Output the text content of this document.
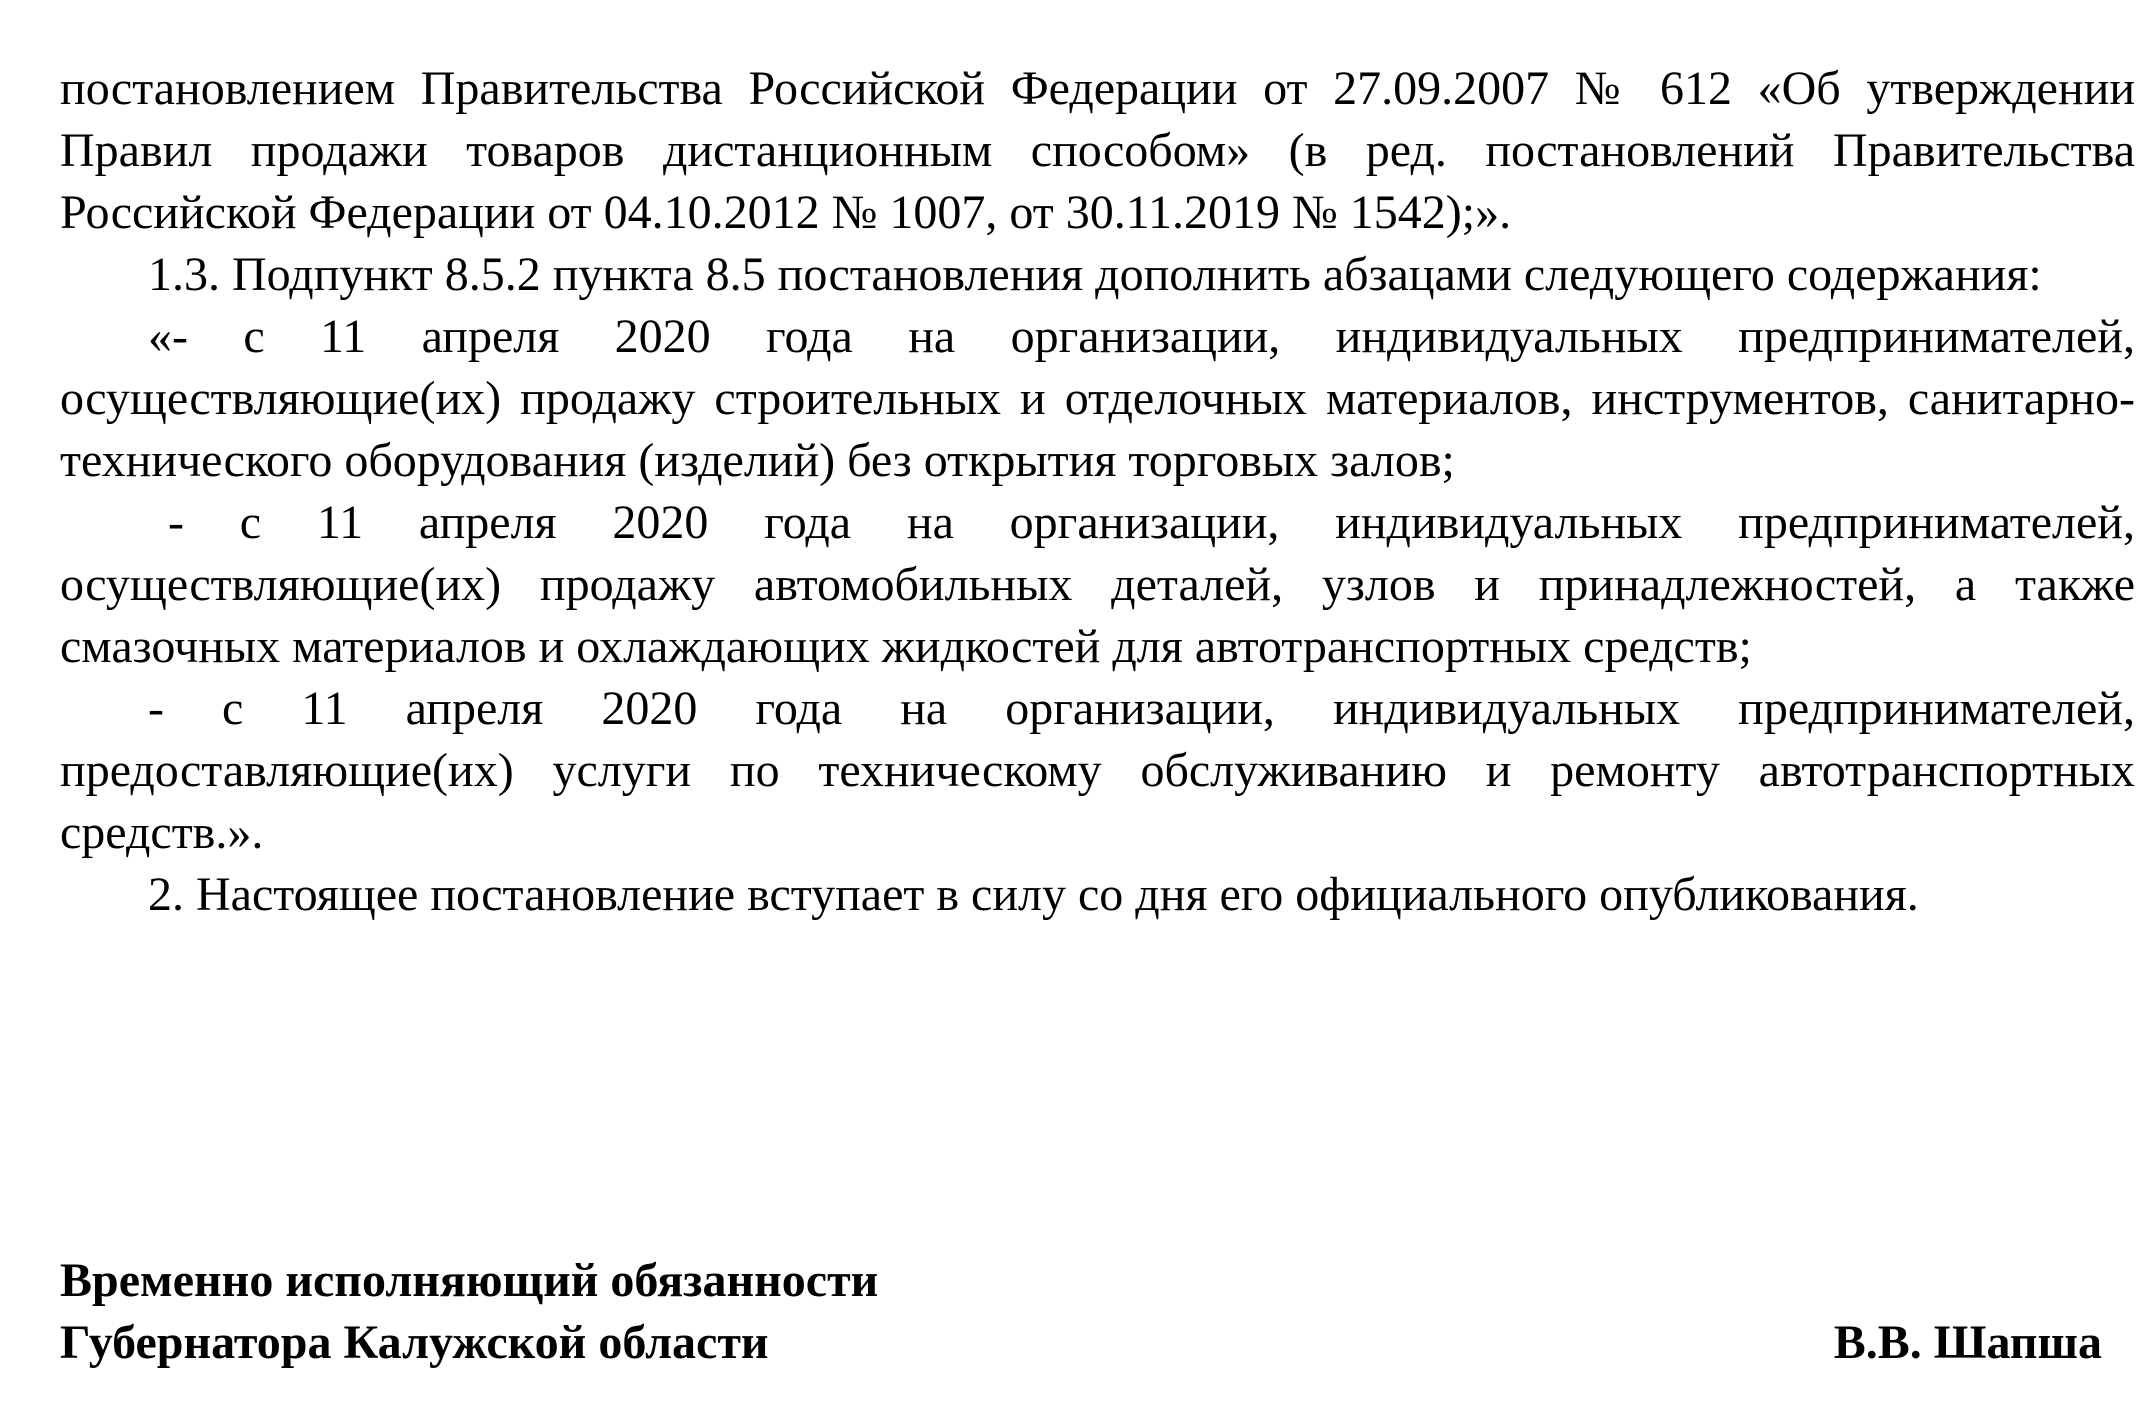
постановлением Правительства Российской Федерации от 27.09.2007 № 612 «Об утверждении Правил продажи товаров дистанционным способом» (в ред. постановлений Правительства Российской Федерации от 04.10.2012 № 1007, от 30.11.2019 № 1542);».

1.3. Подпункт 8.5.2 пункта 8.5 постановления дополнить абзацами следующего содержания:

«- с 11 апреля 2020 года на организации, индивидуальных предпринимателей, осуществляющие(их) продажу строительных и отделочных материалов, инструментов, санитарно-технического оборудования (изделий) без открытия торговых залов;

- с 11 апреля 2020 года на организации, индивидуальных предпринимателей, осуществляющие(их) продажу автомобильных деталей, узлов и принадлежностей, а также смазочных материалов и охлаждающих жидкостей для автотранспортных средств;

- с 11 апреля 2020 года на организации, индивидуальных предпринимателей, предоставляющие(их) услуги по техническому обслуживанию и ремонту автотранспортных средств.».

2. Настоящее постановление вступает в силу со дня его официального опубликования.

Временно исполняющий обязанности
Губернатора Калужской области	В.В. Шапша
